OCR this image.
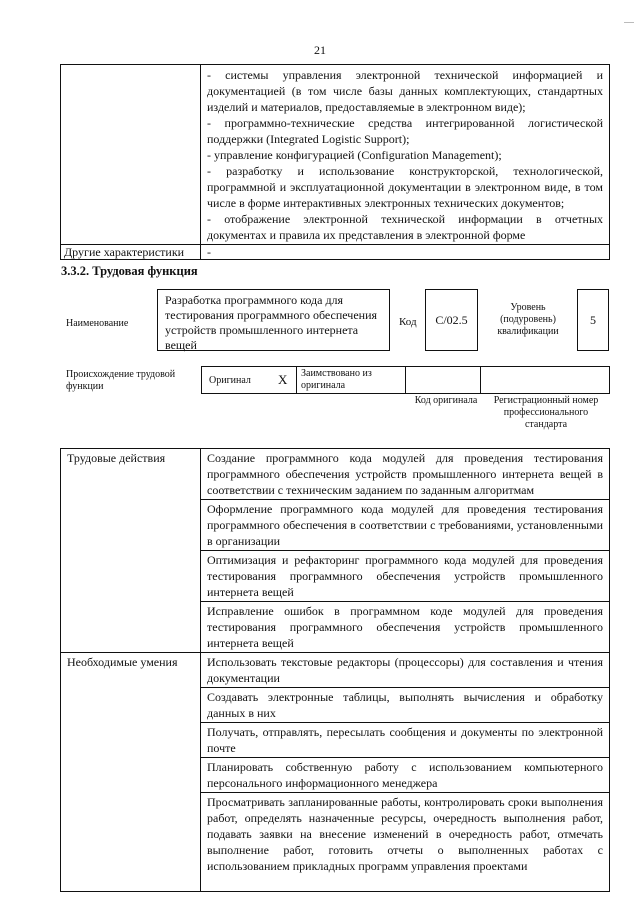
21

	- системы управления электронной технической информацией и документацией (в том числе базы данных комплектующих, стандартных изделий и материалов, предоставляемые в электронном виде);
- программно-технические средства интегрированной логистической поддержки (Integrated Logistic Support);
- управление конфигурацией (Configuration Management);
- разработку и использование конструкторской, технологической, программной и эксплуатационной документации в электронном виде, в том числе в форме интерактивных электронных технических документов;
- отображение электронной технической информации в отчетных документах и правила их представления в электронной форме

Другие характеристики	-
3.3.2. Трудовая функция
Наименование
Разработка программного кода для тестирования программного обеспечения устройств промышленного интернета вещей
Код	C/02.5
Уровень (подуровень) квалификации
5
Происхождение трудовой функции
Оригинал X Заимствовано из оригинала
Код оригинала	Регистрационный номер профессионального стандарта
Трудовые действия	Создание программного кода модулей для проведения тестирования программного обеспечения устройств промышленного интернета вещей в соответствии с техническим заданием по заданным алгоритмам

	Оформление программного кода модулей для проведения тестирования программного обеспечения в соответствии с требованиями, установленными в организации

	Оптимизация и рефакторинг программного кода модулей для проведения тестирования программного обеспечения устройств промышленного интернета вещей

	Исправление ошибок в программном коде модулей для проведения тестирования программного обеспечения устройств промышленного интернета вещей

Необходимые умения	Использовать текстовые редакторы (процессоры) для составления и чтения документации

	Создавать электронные таблицы, выполнять вычисления и обработку данных в них

	Получать, отправлять, пересылать сообщения и документы по электронной почте

	Планировать собственную работу с использованием компьютерного персонального информационного менеджера

	Просматривать запланированные работы, контролировать сроки выполнения работ, определять назначенные ресурсы, очередность выполнения работ, подавать заявки на внесение изменений в очередность работ, отмечать выполнение работ, готовить отчеты о выполненных работах с использованием прикладных программ управления проектами
